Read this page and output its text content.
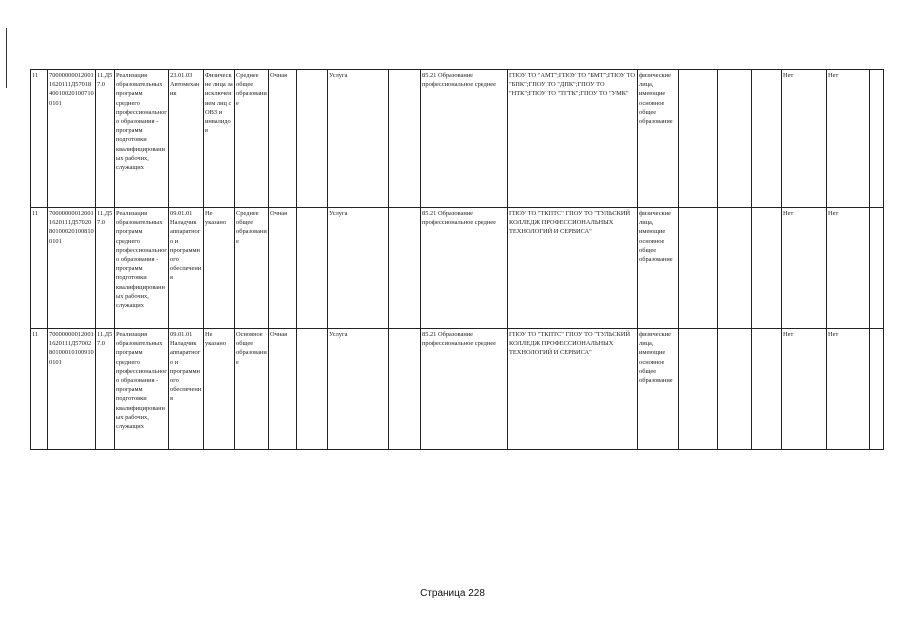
11	700000000120011620111Д57018400100201007100101	11.Д57.0	Реализация образовательных программ среднего профессионального образования - программ подготовки квалифицированных рабочих, служащих	23.01.03 Автомеханик	Физические лица за исключением лиц с ОВЗ и инвалидов	Среднее общее образование	Очная		Услуга		85.21 Образование профессиональное среднее	ГПОУ ТО "АМТ";ГПОУ ТО "БМТ";ГПОУ ТО "БПК";ГПОУ ТО "ДПК";ГПОУ ТО "НТК";ГПОУ ТО "ТГТК";ГПОУ ТО "УМК"	физические лица, имеющие основное общее образование				Нет	Нет	
11	700000000120011620111Д57020801000201008100101	11.Д57.0	Реализация образовательных программ среднего профессионального образования - программ подготовки квалифицированных рабочих, служащих	09.01.01 Наладчик аппаратного и программного обеспечения	Не указано	Среднее общее образование	Очная		Услуга		85.21 Образование профессиональное среднее	ГПОУ ТО "ТКПТС" ГПОУ ТО "ТУЛЬСКИЙ КОЛЛЕДЖ ПРОФЕССИОНАЛЬНЫХ ТЕХНОЛОГИЙ И СЕРВИСА"	физические лица, имеющие основное общее образование				Нет	Нет	
11	700000000120011620111Д57002801000101009100101	11.Д57.0	Реализация образовательных программ среднего профессионального образования - программ подготовки квалифицированных рабочих, служащих	09.01.01 Наладчик аппаратного и программного обеспечения	Не указано	Основное общее образование	Очная		Услуга		85.21 Образование профессиональное среднее	ГПОУ ТО "ТКПТС" ГПОУ ТО "ТУЛЬСКИЙ КОЛЛЕДЖ ПРОФЕССИОНАЛЬНЫХ ТЕХНОЛОГИЙ И СЕРВИСА"	физические лица, имеющие основное общее образование				Нет	Нет	
Страница 228
